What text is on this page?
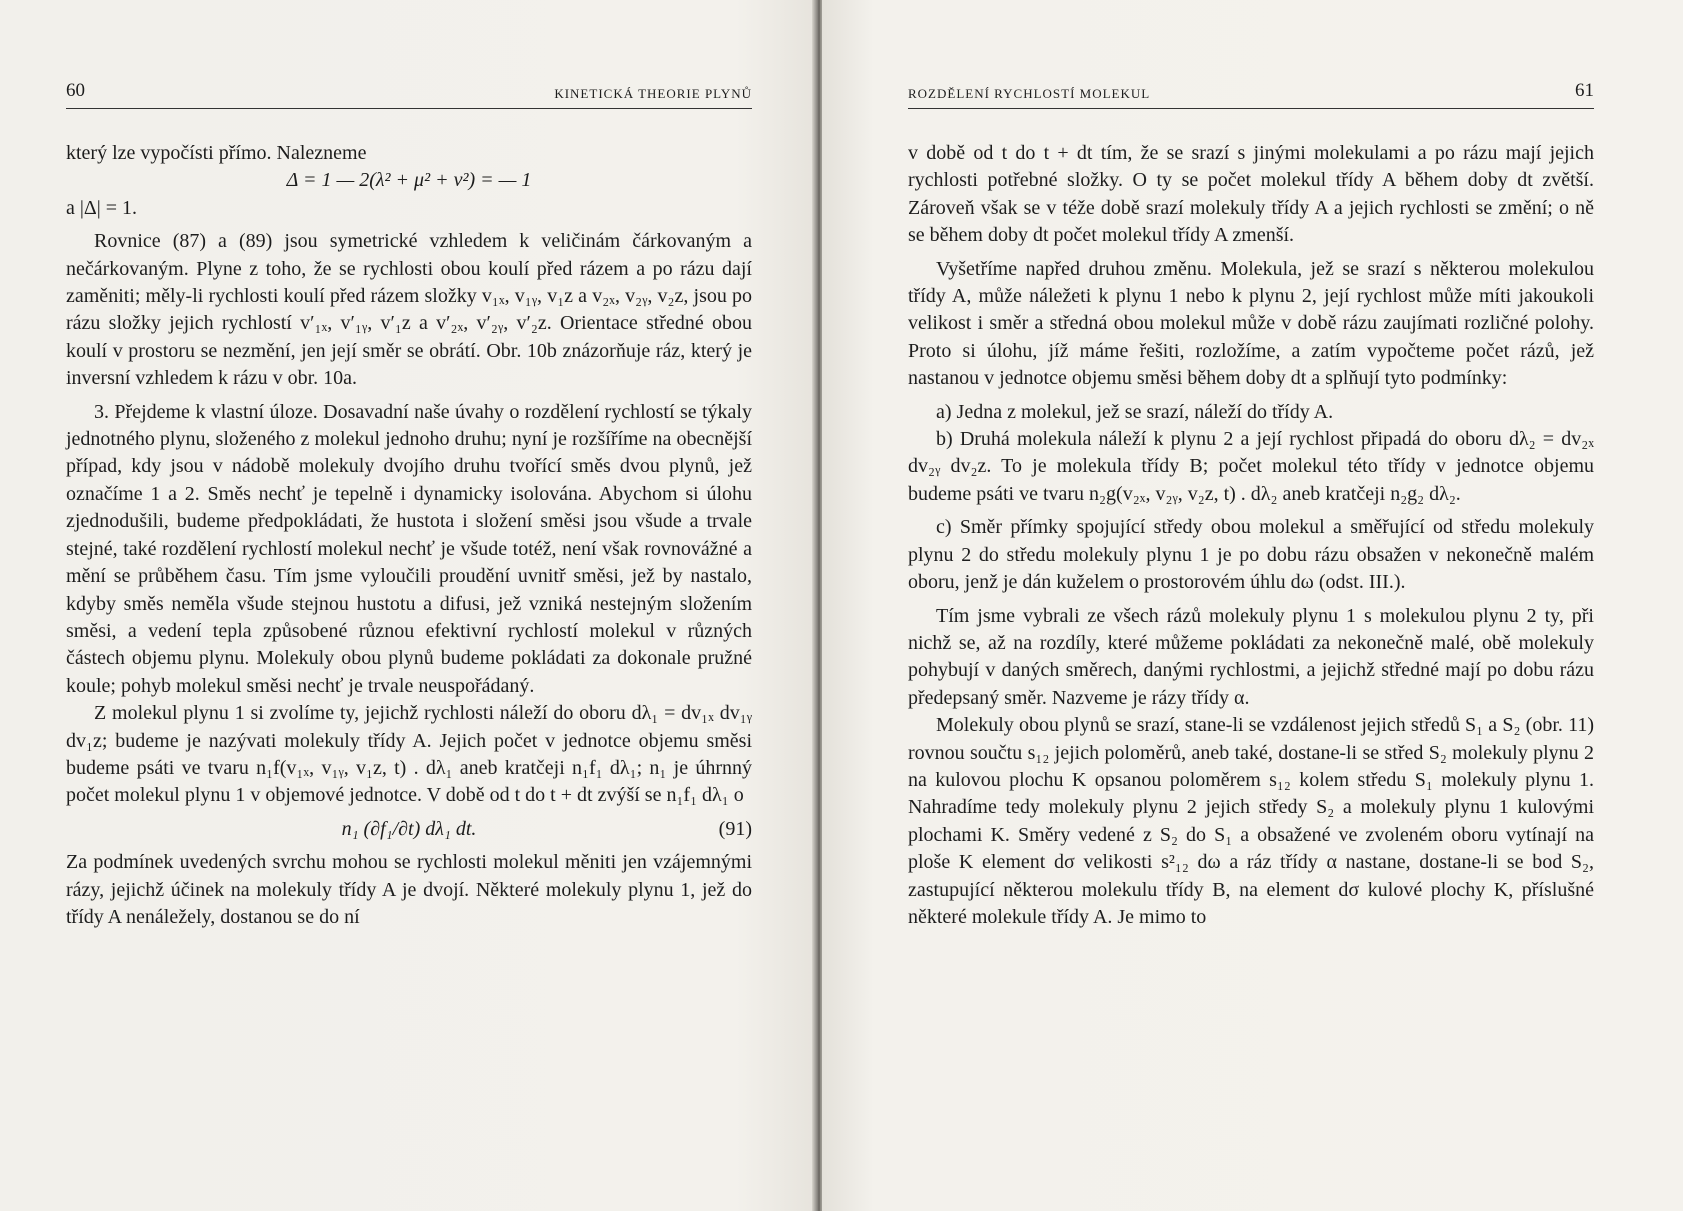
60	KINETICKÁ THEORIE PLYNŮ

který lze vypočísti přímo. Nalezneme

Δ = 1 — 2(λ² + μ² + ν²) = — 1

a |Δ| = 1.

Rovnice (87) a (89) jsou symetrické vzhledem k veličinám čárkovaným a nečárkovaným. Plyne z toho, že se rychlosti obou koulí před rázem a po rázu dají zaměniti; měly-li rychlosti koulí před rázem složky v₁ₓ, v₁ᵧ, v₁z a v₂ₓ, v₂ᵧ, v₂z, jsou po rázu složky jejich rychlostí v′₁ₓ, v′₁ᵧ, v′₁z a v′₂ₓ, v′₂ᵧ, v′₂z. Orientace středné obou koulí v prostoru se nezmění, jen její směr se obrátí. Obr. 10b znázorňuje ráz, který je inversní vzhledem k rázu v obr. 10a.

3. Přejdeme k vlastní úloze. Dosavadní naše úvahy o rozdělení rychlostí se týkaly jednotného plynu, složeného z molekul jednoho druhu; nyní je rozšíříme na obecnější případ, kdy jsou v nádobě molekuly dvojího druhu tvořící směs dvou plynů, jež označíme 1 a 2. Směs nechť je tepelně i dynamicky isolována. Abychom si úlohu zjednodušili, budeme předpokládati, že hustota i složení směsi jsou všude a trvale stejné, také rozdělení rychlostí molekul nechť je všude totéž, není však rovnovážné a mění se průběhem času. Tím jsme vyloučili proudění uvnitř směsi, jež by nastalo, kdyby směs neměla všude stejnou hustotu a difusi, jež vzniká nestejným složením směsi, a vedení tepla způsobené různou efektivní rychlostí molekul v různých částech objemu plynu. Molekuly obou plynů budeme pokládati za dokonale pružné koule; pohyb molekul směsi nechť je trvale neuspořádaný.

Z molekul plynu 1 si zvolíme ty, jejichž rychlosti náleží do oboru dλ₁ = dv₁ₓ dv₁ᵧ dv₁z; budeme je nazývati molekuly třídy A. Jejich počet v jednotce objemu směsi budeme psáti ve tvaru n₁f(v₁ₓ, v₁ᵧ, v₁z, t) . dλ₁ aneb kratčeji n₁f₁ dλ₁; n₁ je úhrnný počet molekul plynu 1 v objemové jednotce. V době od t do t + dt zvýší se n₁f₁ dλ₁ o

n₁ (∂f₁/∂t) dλ₁ dt.	(91)

Za podmínek uvedených svrchu mohou se rychlosti molekul měniti jen vzájemnými rázy, jejichž účinek na molekuly třídy A je dvojí. Některé molekuly plynu 1, jež do třídy A nenáležely, dostanou se do ní

ROZDĚLENÍ RYCHLOSTÍ MOLEKUL	61

v době od t do t + dt tím, že se srazí s jinými molekulami a po rázu mají jejich rychlosti potřebné složky. O ty se počet molekul třídy A během doby dt zvětší. Zároveň však se v téže době srazí molekuly třídy A a jejich rychlosti se změní; o ně se během doby dt počet molekul třídy A zmenší.

Vyšetříme napřed druhou změnu. Molekula, jež se srazí s některou molekulou třídy A, může náležeti k plynu 1 nebo k plynu 2, její rychlost může míti jakoukoli velikost i směr a středná obou molekul může v době rázu zaujímati rozličné polohy. Proto si úlohu, jíž máme řešiti, rozložíme, a zatím vypočteme počet rázů, jež nastanou v jednotce objemu směsi během doby dt a splňují tyto podmínky:

a) Jedna z molekul, jež se srazí, náleží do třídy A.

b) Druhá molekula náleží k plynu 2 a její rychlost připadá do oboru dλ₂ = dv₂ₓ dv₂ᵧ dv₂z. To je molekula třídy B; počet molekul této třídy v jednotce objemu budeme psáti ve tvaru n₂g(v₂ₓ, v₂ᵧ, v₂z, t) . dλ₂ aneb kratčeji n₂g₂ dλ₂.

c) Směr přímky spojující středy obou molekul a směřující od středu molekuly plynu 2 do středu molekuly plynu 1 je po dobu rázu obsažen v nekonečně malém oboru, jenž je dán kuželem o prostorovém úhlu dω (odst. III.).

Tím jsme vybrali ze všech rázů molekuly plynu 1 s molekulou plynu 2 ty, při nichž se, až na rozdíly, které můžeme pokládati za nekonečně malé, obě molekuly pohybují v daných směrech, danými rychlostmi, a jejichž středné mají po dobu rázu předepsaný směr. Nazveme je rázy třídy α.

Molekuly obou plynů se srazí, stane-li se vzdálenost jejich středů S₁ a S₂ (obr. 11) rovnou součtu s₁₂ jejich poloměrů, aneb také, dostane-li se střed S₂ molekuly plynu 2 na kulovou plochu K opsanou poloměrem s₁₂ kolem středu S₁ molekuly plynu 1. Nahradíme tedy molekuly plynu 2 jejich středy S₂ a molekuly plynu 1 kulovými plochami K. Směry vedené z S₂ do S₁ a obsažené ve zvoleném oboru vytínají na ploše K element dσ velikosti s²₁₂ dω a ráz třídy α nastane, dostane-li se bod S₂, zastupující některou molekulu třídy B, na element dσ kulové plochy K, příslušné některé molekule třídy A. Je mimo to
